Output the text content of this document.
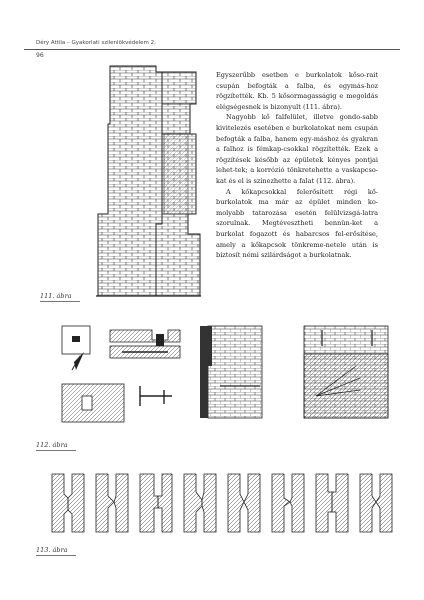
Déry Attila – Gyakorlati szilenlökvédelem 2.
96

Egyszerűbb esetben e burkolatok kőso-rait csupán befogták a falba, és egymás-hoz rögzítették. Kb. 5 kősormagasságig e megoldás elégségesnek is bizonyult (111. ábra).

Nagyobb kő falfelület, illetve gondo-sabb kivitelezés esetében e burkolatokat nem csupán befogták a falba, hanem egy-máshoz és gyakran a falhoz is fémkap-csokkal rögzítették. Ezek a rögzítések később az épületek kényes pontjai lehet-tek; a korrózió tönkretehette a vaskapcso-kat és el is színezhette a falat (112. ábra).

A kőkapcsokkal felerősített régi kő-burkolatok ma már az épület minden ko-molyabb tatarozása esetén felülvizsgá-latra szorulnak. Megtévesztheti bennün-ket a burkolat fogazott és habarcsos fel-erősítése, amely a kőkapcsok tönkreme-netele után is biztosít némi szilárdságot a burkolatnak.

111. ábra
112. ábra
113. ábra
